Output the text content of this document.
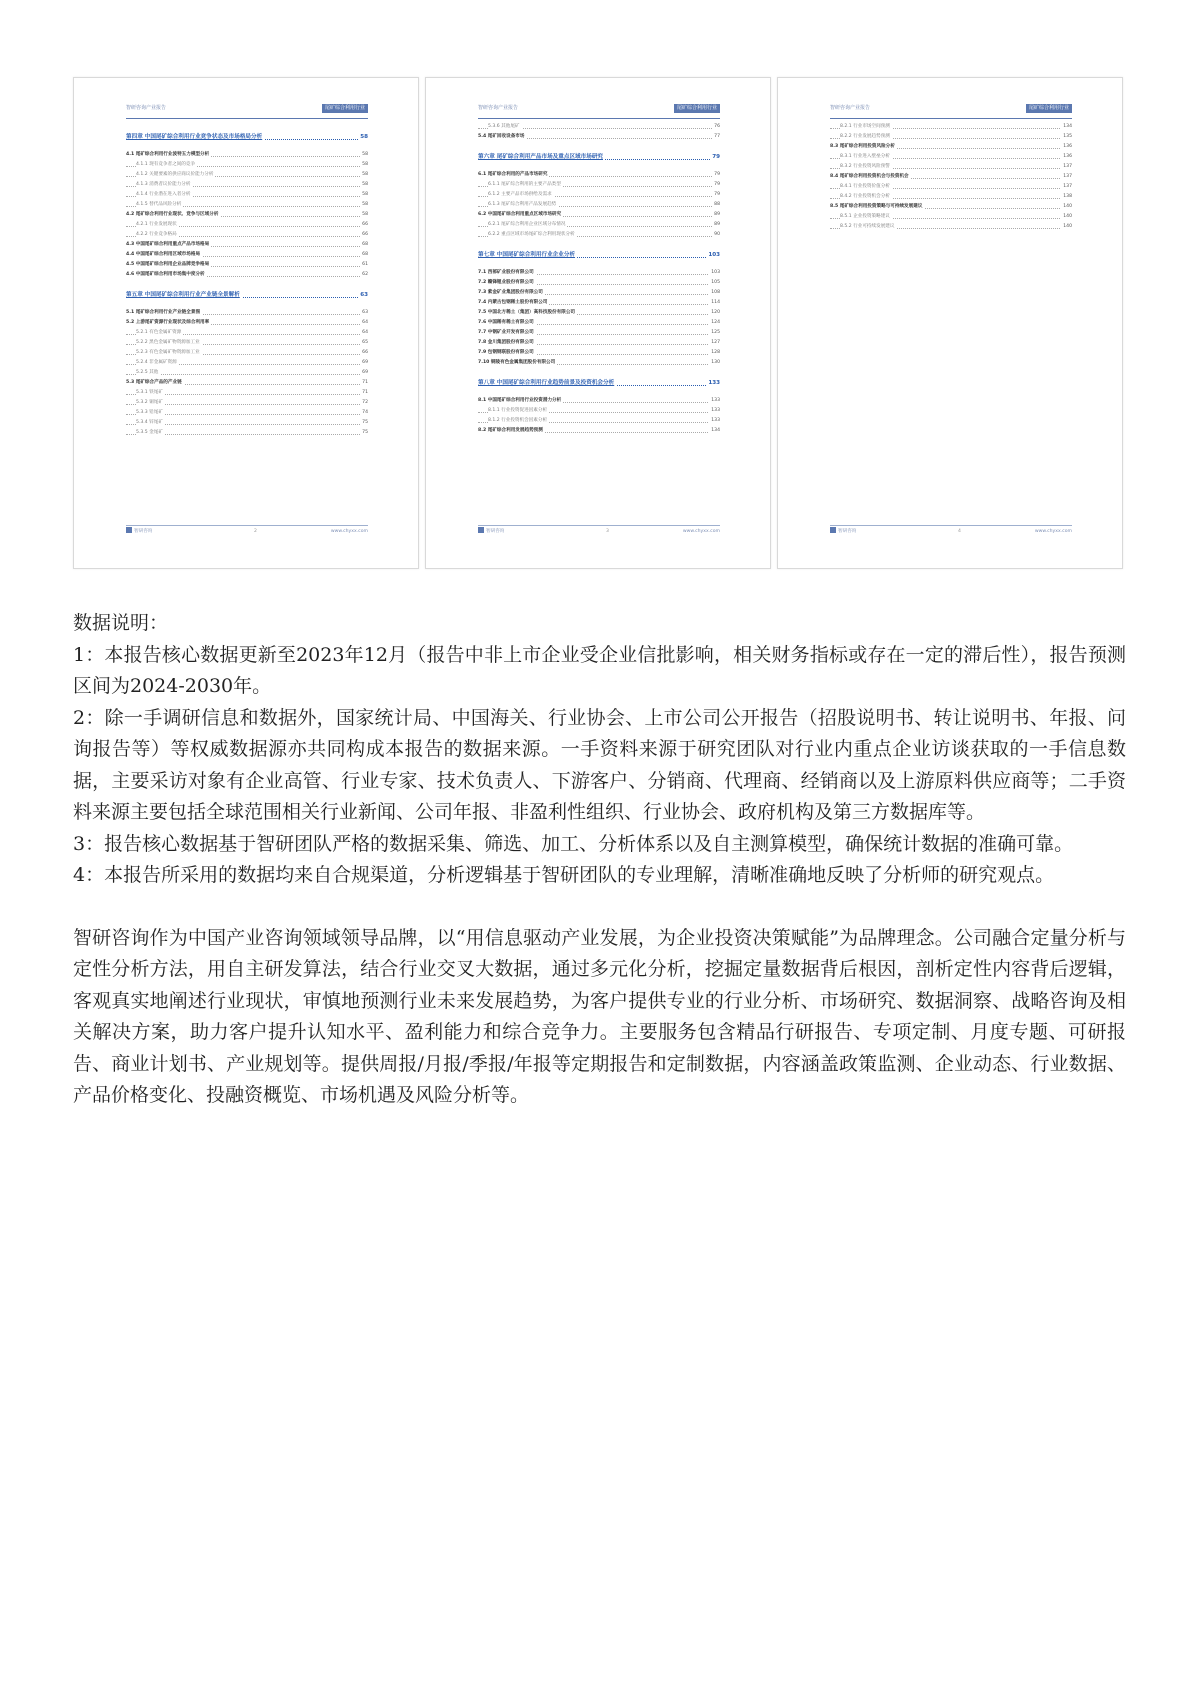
智研咨询产业报告	尾矿综合利用行业
第四章 中国尾矿综合利用行业竞争状态及市场格局分析	58
4.1 尾矿综合利用行业波特五力模型分析	58
4.1.1 现有竞争者之间的竞争	58
4.1.2 关键要素的供应商议价能力分析	58
4.1.3 消费者议价能力分析	58
4.1.4 行业潜在进入者分析	58
4.1.5 替代品风险分析	58
4.2 尾矿综合利用行业现状、竞争与区域分析	58
4.2.1 行业发展现状	66
4.2.2 行业竞争格局	66
4.3 中国尾矿综合利用重点产品市场格局	68
4.4 中国尾矿综合利用区域市场格局	68
4.5 中国尾矿综合利用企业品牌竞争格局	61
4.6 中国尾矿综合利用市场集中度分析	62
第五章 中国尾矿综合利用行业产业链全景解析	63
5.1 尾矿综合利用行业产业链全景图	63
5.2 上游尾矿资源行业现状及综合利用率	64
5.2.1 有色金属矿资源	64
5.2.2 黑色金属矿物资源加工业	65
5.2.3 有色金属矿物资源加工业	66
5.2.4 非金属矿资源	69
5.2.5 其他	69
5.3 尾矿综合产品的产业链	71
5.3.1 铁尾矿	71
5.3.2 铜尾矿	72
5.3.3 铅尾矿	74
5.3.4 锌尾矿	75
5.3.5 金尾矿	75
智研咨询	2	www.chyxx.com
智研咨询产业报告	尾矿综合利用行业
5.3.6 其他尾矿	76
5.4 尾矿回收设备市场	77
第六章 尾矿综合利用产品市场及重点区域市场研究	79
6.1 尾矿综合利用的产品市场研究	79
6.1.1 尾矿综合利用的主要产品类型	79
6.1.2 主要产品市场供给及需求	79
6.1.3 尾矿综合利用产品发展趋势	88
6.2 中国尾矿综合利用重点区域市场研究	89
6.2.1 尾矿综合利用企业区域分布情况	89
6.2.2 重点区域市场尾矿综合利用现状分析	90
第七章 中国尾矿综合利用行业企业分析	103
7.1 西部矿业股份有限公司	103
7.2 赣锋锂业股份有限公司	105
7.3 紫金矿业集团股份有限公司	108
7.4 内蒙古包钢稀土股份有限公司	114
7.5 中国北方稀土（集团）高科技股份有限公司	120
7.6 中国稀有稀土有限公司	124
7.7 中钢矿业开发有限公司	125
7.8 金川集团股份有限公司	127
7.9 包钢钢联股份有限公司	128
7.10 铜陵有色金属集团股份有限公司	130
第八章 中国尾矿综合利用行业趋势前景及投资机会分析	133
8.1 中国尾矿综合利用行业投资潜力分析	133
8.1.1 行业投资促进因素分析	133
8.1.2 行业投资机会因素分析	133
8.2 尾矿综合利用发展趋势预测	134
智研咨询	3	www.chyxx.com
智研咨询产业报告	尾矿综合利用行业
8.2.1 行业市场空间预测	134
8.2.2 行业发展趋势预测	135
8.3 尾矿综合利用投资风险分析	136
8.3.1 行业进入壁垒分析	136
8.3.2 行业投资风险预警	137
8.4 尾矿综合利用投资机会与投资机会	137
8.4.1 行业投资价值分析	137
8.4.2 行业投资机会分析	138
8.5 尾矿综合利用投资策略与可持续发展建议	140
8.5.1 企业投资策略建议	140
8.5.2 行业可持续发展建议	140
智研咨询	4	www.chyxx.com

数据说明：

1：本报告核心数据更新至2023年12月（报告中非上市企业受企业信批影响，相关财务指标或存在一定的滞后性），报告预测区间为2024-2030年。

2：除一手调研信息和数据外，国家统计局、中国海关、行业协会、上市公司公开报告（招股说明书、转让说明书、年报、问询报告等）等权威数据源亦共同构成本报告的数据来源。一手资料来源于研究团队对行业内重点企业访谈获取的一手信息数据，主要采访对象有企业高管、行业专家、技术负责人、下游客户、分销商、代理商、经销商以及上游原料供应商等；二手资料来源主要包括全球范围相关行业新闻、公司年报、非盈利性组织、行业协会、政府机构及第三方数据库等。

3：报告核心数据基于智研团队严格的数据采集、筛选、加工、分析体系以及自主测算模型，确保统计数据的准确可靠。

4：本报告所采用的数据均来自合规渠道，分析逻辑基于智研团队的专业理解，清晰准确地反映了分析师的研究观点。

智研咨询作为中国产业咨询领域领导品牌，以“用信息驱动产业发展，为企业投资决策赋能”为品牌理念。公司融合定量分析与定性分析方法，用自主研发算法，结合行业交叉大数据，通过多元化分析，挖掘定量数据背后根因，剖析定性内容背后逻辑，客观真实地阐述行业现状，审慎地预测行业未来发展趋势，为客户提供专业的行业分析、市场研究、数据洞察、战略咨询及相关解决方案，助力客户提升认知水平、盈利能力和综合竞争力。主要服务包含精品行研报告、专项定制、月度专题、可研报告、商业计划书、产业规划等。提供周报/月报/季报/年报等定期报告和定制数据，内容涵盖政策监测、企业动态、行业数据、产品价格变化、投融资概览、市场机遇及风险分析等。
